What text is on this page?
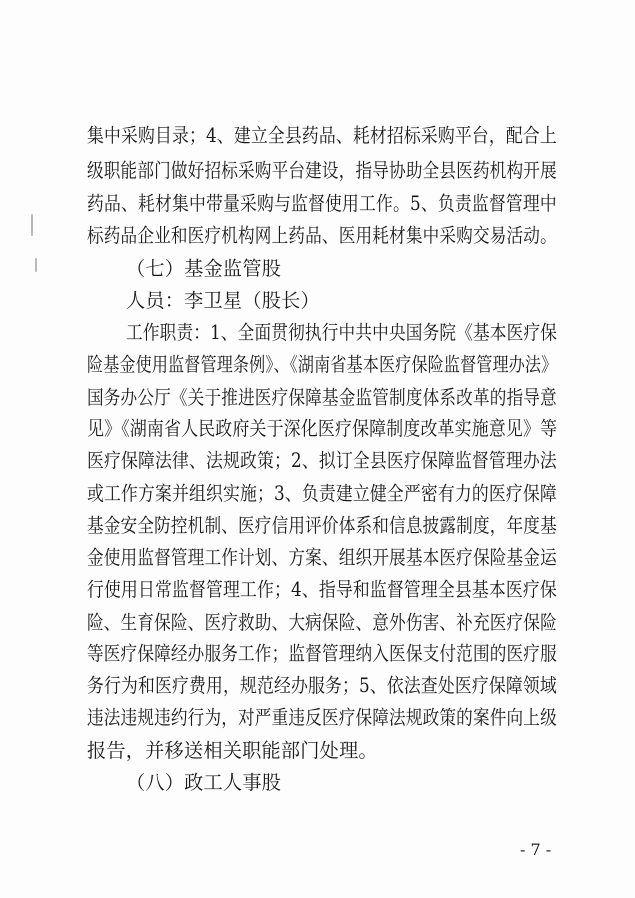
集中采购目录；4、建立全县药品、耗材招标采购平台，配合上
级职能部门做好招标采购平台建设，指导协助全县医药机构开展
药品、耗材集中带量采购与监督使用工作。5、负责监督管理中
标药品企业和医疗机构网上药品、医用耗材集中采购交易活动。
（七）基金监管股
人员：李卫星（股长）
工作职责：1、全面贯彻执行中共中央国务院《基本医疗保
险基金使用监督管理条例》、《湖南省基本医疗保险监督管理办法》
国务办公厅《关于推进医疗保障基金监管制度体系改革的指导意
见》《湖南省人民政府关于深化医疗保障制度改革实施意见》等
医疗保障法律、法规政策；2、拟订全县医疗保障监督管理办法
或工作方案并组织实施；3、负责建立健全严密有力的医疗保障
基金安全防控机制、医疗信用评价体系和信息披露制度，年度基
金使用监督管理工作计划、方案、组织开展基本医疗保险基金运
行使用日常监督管理工作；4、指导和监督管理全县基本医疗保
险、生育保险、医疗救助、大病保险、意外伤害、补充医疗保险
等医疗保障经办服务工作；监督管理纳入医保支付范围的医疗服
务行为和医疗费用，规范经办服务；5、依法查处医疗保障领域
违法违规违约行为，对严重违反医疗保障法规政策的案件向上级
报告，并移送相关职能部门处理。
（八）政工人事股
- 7 -
